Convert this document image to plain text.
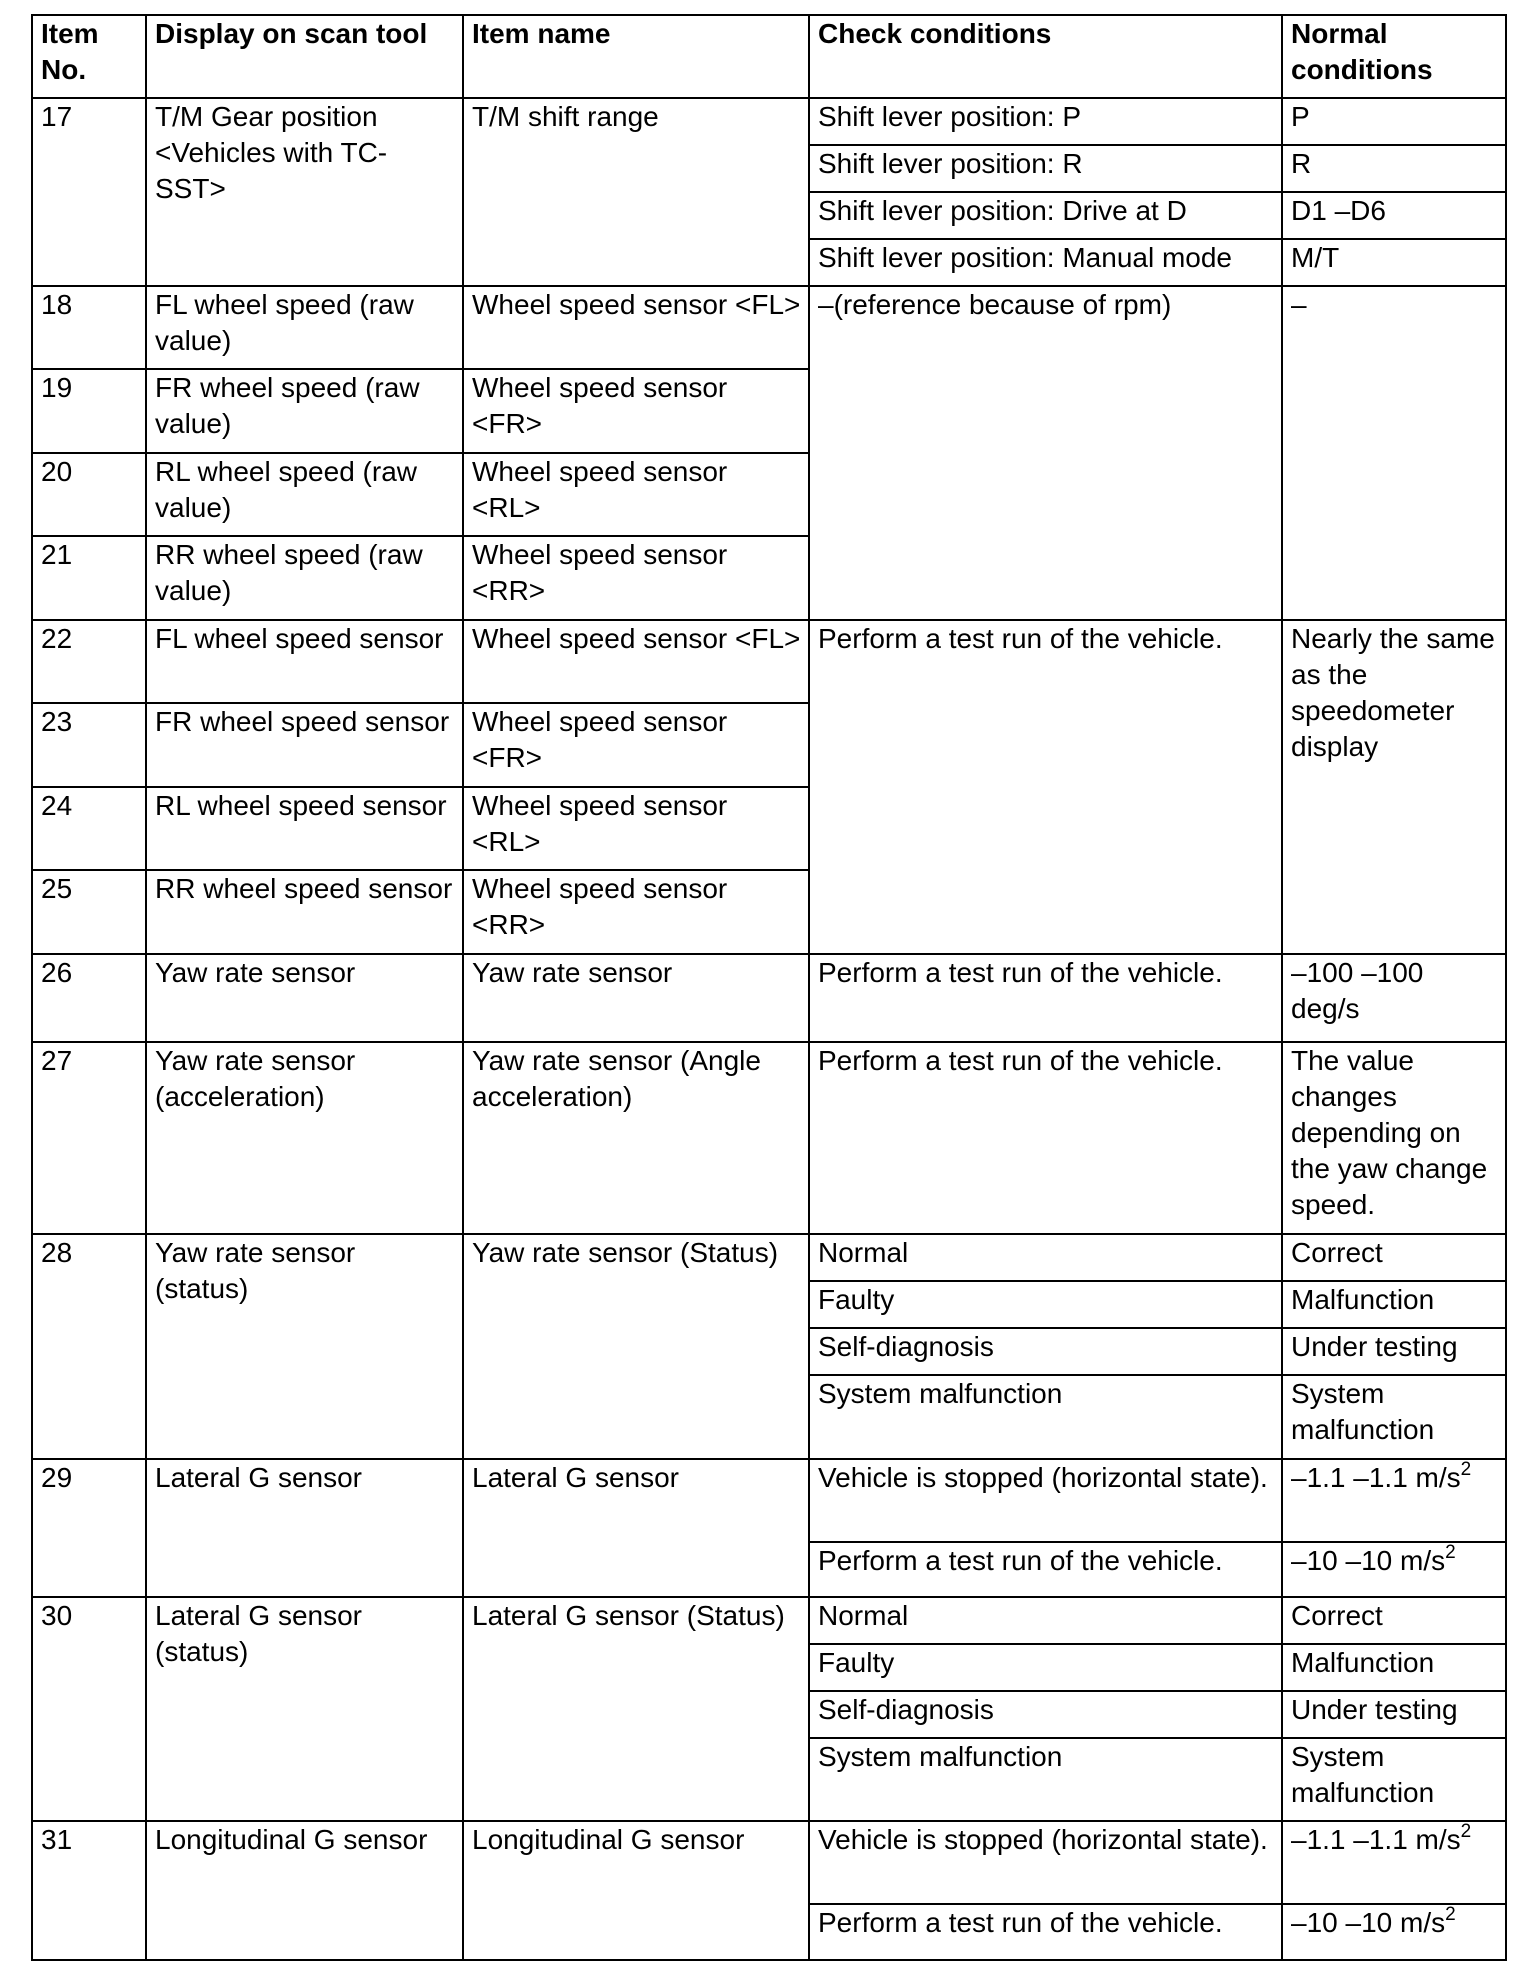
Item No.	Display on scan tool	Item name	Check conditions	Normal conditions
17	T/M Gear position <Vehicles with TC-SST>	T/M shift range	Shift lever position: P	P
			Shift lever position: R	R
			Shift lever position: Drive at D	D1 –D6
			Shift lever position: Manual mode	M/T
18	FL wheel speed (raw value)	Wheel speed sensor <FL>	–(reference because of rpm)	–
19	FR wheel speed (raw value)	Wheel speed sensor <FR>		
20	RL wheel speed (raw value)	Wheel speed sensor <RL>		
21	RR wheel speed (raw value)	Wheel speed sensor <RR>		
22	FL wheel speed sensor	Wheel speed sensor <FL>	Perform a test run of the vehicle.	Nearly the same as the speedometer display
23	FR wheel speed sensor	Wheel speed sensor <FR>		
24	RL wheel speed sensor	Wheel speed sensor <RL>		
25	RR wheel speed sensor	Wheel speed sensor <RR>		
26	Yaw rate sensor	Yaw rate sensor	Perform a test run of the vehicle.	–100 –100 deg/s
27	Yaw rate sensor (acceleration)	Yaw rate sensor (Angle acceleration)	Perform a test run of the vehicle.	The value changes depending on the yaw change speed.
28	Yaw rate sensor (status)	Yaw rate sensor (Status)	Normal	Correct
			Faulty	Malfunction
			Self-diagnosis	Under testing
			System malfunction	System malfunction
29	Lateral G sensor	Lateral G sensor	Vehicle is stopped (horizontal state).	–1.1 –1.1 $m/s^2$
			Perform a test run of the vehicle.	–10 –10 $m/s^2$
30	Lateral G sensor (status)	Lateral G sensor (Status)	Normal	Correct
			Faulty	Malfunction
			Self-diagnosis	Under testing
			System malfunction	System malfunction
31	Longitudinal G sensor	Longitudinal G sensor	Vehicle is stopped (horizontal state).	–1.1 –1.1 $m/s^2$
			Perform a test run of the vehicle.	–10 –10 $m/s^2$
